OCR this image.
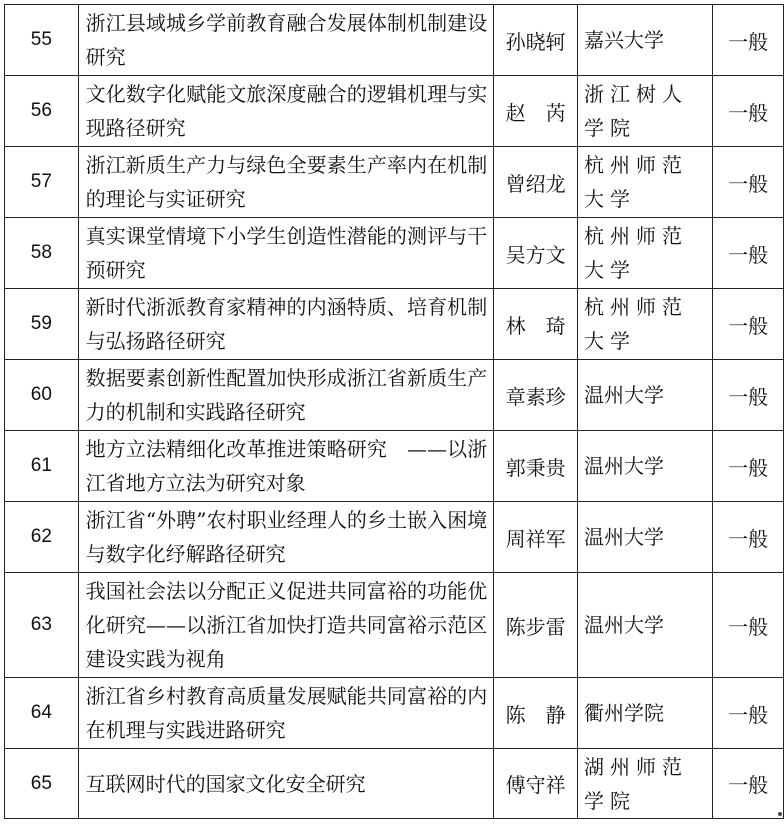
55	浙江县域城乡学前教育融合发展体制机制建设研究	孙晓轲	嘉兴大学	一般
56	文化数字化赋能文旅深度融合的逻辑机理与实现路径研究	赵　芮	浙江树人学院	一般
57	浙江新质生产力与绿色全要素生产率内在机制的理论与实证研究	曾绍龙	杭州师范大学	一般
58	真实课堂情境下小学生创造性潜能的测评与干预研究	吴方文	杭州师范大学	一般
59	新时代浙派教育家精神的内涵特质、培育机制与弘扬路径研究	林　琦	杭州师范大学	一般
60	数据要素创新性配置加快形成浙江省新质生产力的机制和实践路径研究	章素珍	温州大学	一般
61	地方立法精细化改革推进策略研究　——以浙江省地方立法为研究对象	郭秉贵	温州大学	一般
62	浙江省“外聘”农村职业经理人的乡土嵌入困境与数字化纾解路径研究	周祥军	温州大学	一般
63	我国社会法以分配正义促进共同富裕的功能优化研究——以浙江省加快打造共同富裕示范区建设实践为视角	陈步雷	温州大学	一般
64	浙江省乡村教育高质量发展赋能共同富裕的内在机理与实践进路研究	陈　静	衢州学院	一般
65	互联网时代的国家文化安全研究	傅守祥	湖州师范学院	一般
